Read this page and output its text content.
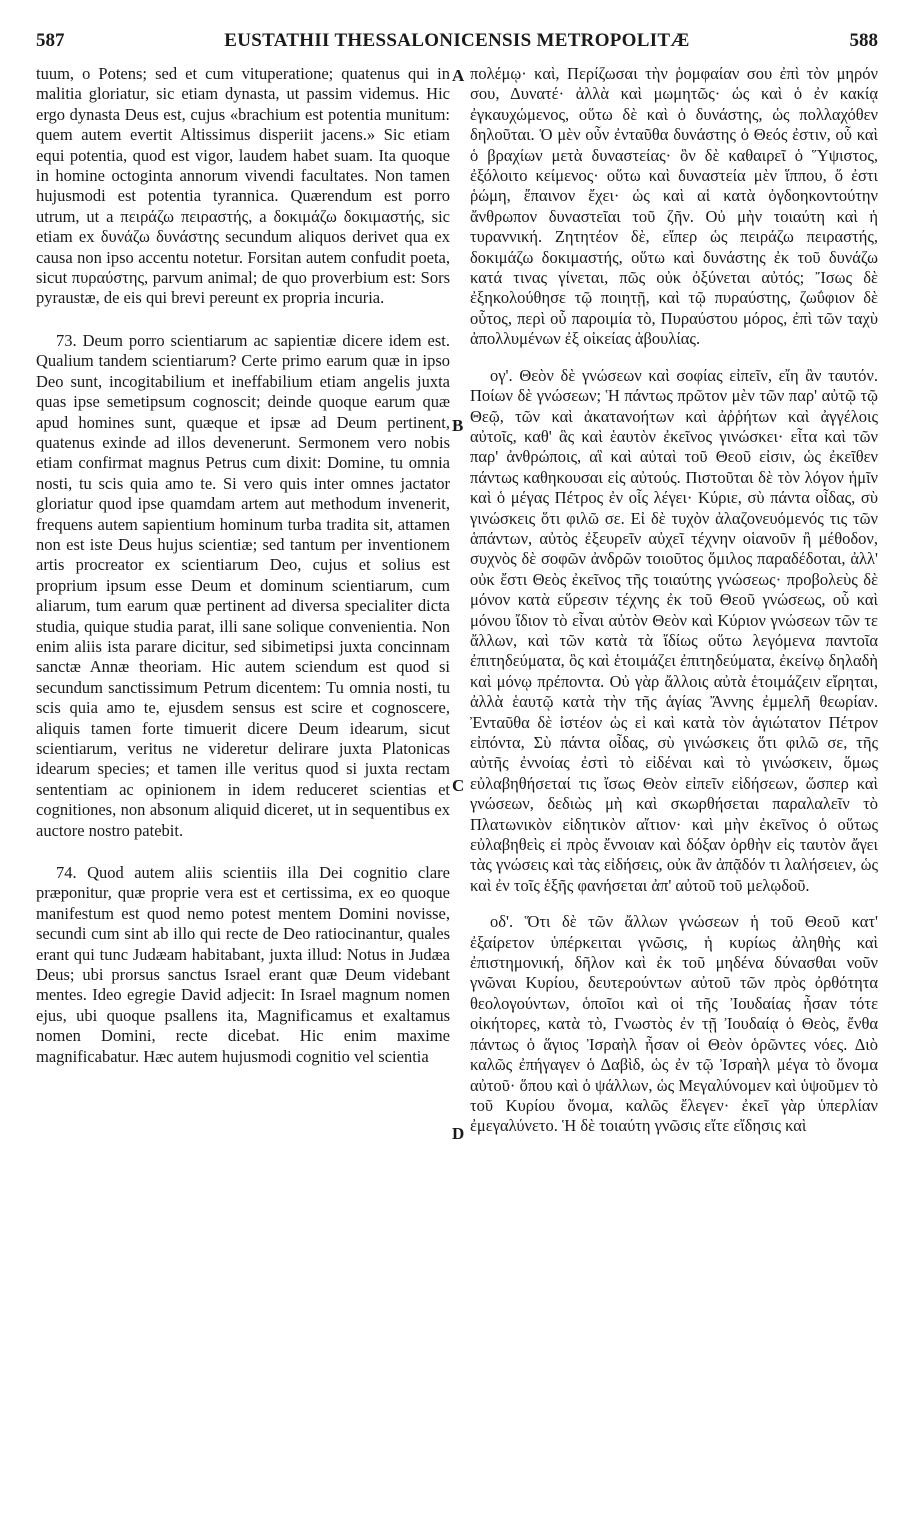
587	EUSTATHII THESSALONICENSIS METROPOLITÆ	588

tuum, o Potens; sed et cum vituperatione; quatenus qui in malitia gloriatur, sic etiam dynasta, ut passim videmus. Hic ergo dynasta Deus est, cujus «brachium est potentia munitum: quem autem evertit Altissimus disperiit jacens.» Sic etiam equi potentia, quod est vigor, laudem habet suam. Ita quoque in homine octoginta annorum vivendi facultates. Non tamen hujusmodi est potentia tyrannica. Quærendum est porro utrum, ut a πειράζω πειραστής, a δοκιμάζω δοκιμαστής, sic etiam ex δυνάζω δυνάστης secundum aliquos derivet qua ex causa non ipso accentu notetur. Forsitan autem confudit poeta, sicut πυραύστης, parvum animal; de quo proverbium est: Sors pyraustæ, de eis qui brevi pereunt ex propria incuria.

73. Deum porro scientiarum ac sapientiæ dicere idem est. Qualium tandem scientiarum? Certe primo earum quæ in ipso Deo sunt, incogitabilium et ineffabilium etiam angelis juxta quas ipse semetipsum cognoscit; deinde quoque earum quæ apud homines sunt, quæque et ipsæ ad Deum pertinent, quatenus exinde ad illos devenerunt. Sermonem vero nobis etiam confirmat magnus Petrus cum dixit: Domine, tu omnia nosti, tu scis quia amo te. Si vero quis inter omnes jactator gloriatur quod ipse quamdam artem aut methodum invenerit, frequens autem sapientium hominum turba tradita sit, attamen non est iste Deus hujus scientiæ; sed tantum per inventionem artis procreator ex scientiarum Deo, cujus et solius est proprium ipsum esse Deum et dominum scientiarum, cum aliarum, tum earum quæ pertinent ad diversa specialiter dicta studia, quique studia parat, illi sane solique convenientia. Non enim aliis ista parare dicitur, sed sibimetipsi juxta concinnam sanctæ Annæ theoriam. Hic autem sciendum est quod si secundum sanctissimum Petrum dicentem: Tu omnia nosti, tu scis quia amo te, ejusdem sensus est scire et cognoscere, aliquis tamen forte timuerit dicere Deum idearum, sicut scientiarum, veritus ne videretur delirare juxta Platonicas idearum species; et tamen ille veritus quod si juxta rectam sententiam ac opinionem in idem reduceret scientias et cognitiones, non absonum aliquid diceret, ut in sequentibus ex auctore nostro patebit.

74. Quod autem aliis scientiis illa Dei cognitio clare præponitur, quæ proprie vera est et certissima, ex eo quoque manifestum est quod nemo potest mentem Domini novisse, secundi cum sint ab illo qui recte de Deo ratiocinantur, quales erant qui tunc Judæam habitabant, juxta illud: Notus in Judæa Deus; ubi prorsus sanctus Israel erant quæ Deum videbant mentes. Ideo egregie David adjecit: In Israel magnum nomen ejus, ubi quoque psallens ita, Magnificamus et exaltamus nomen Domini, recte dicebat. Hic enim maxime magnificabatur. Hæc autem hujusmodi cognitio vel scientia

A
B
C
D

πολέμῳ· καὶ, Περίζωσαι τὴν ῥομφαίαν σου ἐπὶ τὸν μηρόν σου, Δυνατέ· ἀλλὰ καὶ μωμητῶς· ὡς καὶ ὁ ἐν κακίᾳ ἐγκαυχώμενος, οὕτω δὲ καὶ ὁ δυνάστης, ὡς πολλαχόθεν δηλοῦται. Ὁ μὲν οὖν ἐνταῦθα δυνάστης ὁ Θεός ἐστιν, οὗ καὶ ὁ βραχίων μετὰ δυναστείας· ὃν δὲ καθαιρεῖ ὁ Ὕψιστος, ἐξόλοιτο κείμενος· οὕτω καὶ δυναστεία μὲν ἵππου, ὅ ἐστι ῥώμη, ἔπαινον ἔχει· ὡς καὶ αἱ κατὰ ὀγδοηκοντούτην ἄνθρωπον δυναστεῖαι τοῦ ζῆν. Οὐ μὴν τοιαύτη καὶ ἡ τυραννική. Ζητητέον δὲ, εἴπερ ὡς πειράζω πειραστής, δοκιμάζω δοκιμαστής, οὕτω καὶ δυνάστης ἐκ τοῦ δυνάζω κατά τινας γίνεται, πῶς οὐκ ὀξύνεται αὐτός; Ἴσως δὲ ἐξηκολούθησε τῷ ποιητῇ, καὶ τῷ πυραύστης, ζωΰφιον δὲ οὗτος, περὶ οὗ παροιμία τὸ, Πυραύστου μόρος, ἐπὶ τῶν ταχὺ ἀπολλυμένων ἐξ οἰκείας ἀβουλίας.

ογ'. Θεὸν δὲ γνώσεων καὶ σοφίας εἰπεῖν, εἴη ἂν ταυτόν. Ποίων δὲ γνώσεων; Ἡ πάντως πρῶτον μὲν τῶν παρ' αὐτῷ τῷ Θεῷ, τῶν καὶ ἀκατανοήτων καὶ ἀῤῥήτων καὶ ἀγγέλοις αὐτοῖς, καθ' ἃς καὶ ἑαυτὸν ἐκεῖνος γινώσκει· εἶτα καὶ τῶν παρ' ἀνθρώποις, αἳ καὶ αὐταὶ τοῦ Θεοῦ εἰσιν, ὡς ἐκεῖθεν πάντως καθηκουσαι εἰς αὐτούς. Πιστοῦται δὲ τὸν λόγον ἡμῖν καὶ ὁ μέγας Πέτρος ἐν οἷς λέγει· Κύριε, σὺ πάντα οἶδας, σὺ γινώσκεις ὅτι φιλῶ σε. Εἰ δὲ τυχὸν ἀλαζονευόμενός τις τῶν ἁπάντων, αὐτὸς ἐξευρεῖν αὐχεῖ τέχνην οἱανοῦν ἢ μέθοδον, συχνὸς δὲ σοφῶν ἀνδρῶν τοιοῦτος ὅμιλος παραδέδοται, ἀλλ' οὐκ ἔστι Θεὸς ἐκεῖνος τῆς τοιαύτης γνώσεως· προβολεὺς δὲ μόνον κατὰ εὕρεσιν τέχνης ἐκ τοῦ Θεοῦ γνώσεως, οὗ καὶ μόνου ἴδιον τὸ εἶναι αὐτὸν Θεὸν καὶ Κύριον γνώσεων τῶν τε ἄλλων, καὶ τῶν κατὰ τὰ ἴδίως οὕτω λεγόμενα παντοῖα ἐπιτηδεύματα, ὃς καὶ ἑτοιμάζει ἐπιτηδεύματα, ἐκείνῳ δηλαδὴ καὶ μόνῳ πρέποντα. Οὐ γὰρ ἄλλοις αὐτὰ ἑτοιμάζειν εἴρηται, ἀλλὰ ἑαυτῷ κατὰ τὴν τῆς ἁγίας Ἄννης ἐμμελῆ θεωρίαν. Ἐνταῦθα δὲ ἰστέον ὡς εἰ καὶ κατὰ τὸν ἁγιώτατον Πέτρον εἰπόντα, Σὺ πάντα οἶδας, σὺ γινώσκεις ὅτι φιλῶ σε, τῆς αὐτῆς ἐννοίας ἐστὶ τὸ εἰδέναι καὶ τὸ γινώσκειν, ὅμως εὐλαβηθήσεταί τις ἴσως Θεὸν εἰπεῖν εἰδήσεων, ὥσπερ καὶ γνώσεων, δεδιὼς μὴ καὶ σκωρθήσεται παραλαλεῖν τὸ Πλατωνικὸν εἰδητικὸν αἴτιον· καὶ μὴν ἐκεῖνος ὁ οὕτως εὐλαβηθεὶς εἰ πρὸς ἔννοιαν καὶ δόξαν ὀρθὴν εἰς ταυτὸν ἄγει τὰς γνώσεις καὶ τὰς εἰδήσεις, οὐκ ἂν ἀπᾷδόν τι λαλήσειεν, ὡς καὶ ἐν τοῖς ἑξῆς φανήσεται ἀπ' αὐτοῦ τοῦ μελῳδοῦ.

οδ'. Ὅτι δὲ τῶν ἄλλων γνώσεων ἡ τοῦ Θεοῦ κατ' ἐξαίρετον ὑπέρκειται γνῶσις, ἡ κυρίως ἀληθὴς καὶ ἐπιστημονική, δῆλον καὶ ἐκ τοῦ μηδένα δύνασθαι νοῦν γνῶναι Κυρίου, δευτερούντων αὐτοῦ τῶν πρὸς ὀρθότητα θεολογούντων, ὁποῖοι καὶ οἱ τῆς Ἰουδαίας ἦσαν τότε οἰκήτορες, κατὰ τὸ, Γνωστὸς ἐν τῇ Ἰουδαίᾳ ὁ Θεὸς, ἔνθα πάντως ὁ ἅγιος Ἰσραὴλ ἦσαν οἱ Θεὸν ὁρῶντες νόες. Διὸ καλῶς ἐπήγαγεν ὁ Δαβὶδ, ὡς ἐν τῷ Ἰσραὴλ μέγα τὸ ὄνομα αὐτοῦ· ὅπου καὶ ὁ ψάλλων, ὡς Μεγαλύνομεν καὶ ὑψοῦμεν τὸ τοῦ Κυρίου ὄνομα, καλῶς ἔλεγεν· ἐκεῖ γὰρ ὑπερλίαν ἐμεγαλύνετο. Ἡ δὲ τοιαύτη γνῶσις εἴτε εἴδησις καὶ
